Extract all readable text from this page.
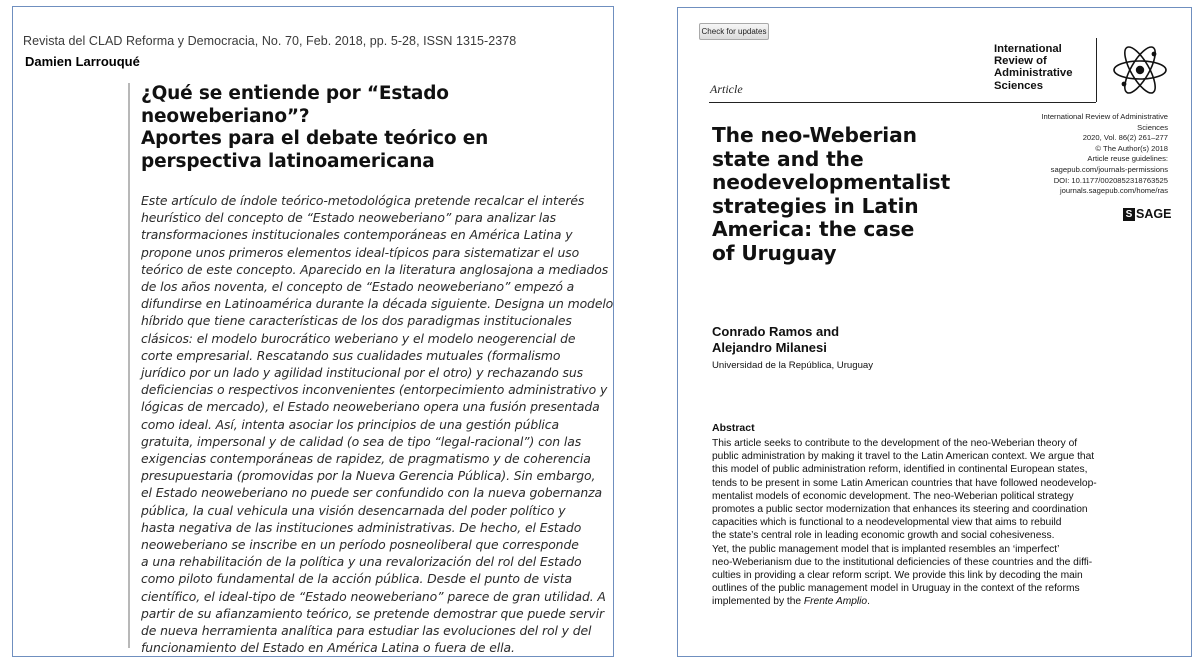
Revista del CLAD Reforma y Democracia, No. 70, Feb. 2018, pp. 5-28, ISSN 1315-2378
Damien Larrouqué
¿Qué se entiende por “Estado neoweberiano”?
Aportes para el debate teórico en
perspectiva latinoamericana
Este artículo de índole teórico-metodológica pretende recalcar el interés
heurístico del concepto de “Estado neoweberiano” para analizar las
transformaciones institucionales contemporáneas en América Latina y
propone unos primeros elementos ideal-típicos para sistematizar el uso
teórico de este concepto. Aparecido en la literatura anglosajona a mediados
de los años noventa, el concepto de “Estado neoweberiano” empezó a
difundirse en Latinoamérica durante la década siguiente. Designa un modelo
híbrido que tiene características de los dos paradigmas institucionales
clásicos: el modelo burocrático weberiano y el modelo neogerencial de
corte empresarial. Rescatando sus cualidades mutuales (formalismo
jurídico por un lado y agilidad institucional por el otro) y rechazando sus
deficiencias o respectivos inconvenientes (entorpecimiento administrativo y
lógicas de mercado), el Estado neoweberiano opera una fusión presentada
como ideal. Así, intenta asociar los principios de una gestión pública
gratuita, impersonal y de calidad (o sea de tipo “legal-racional”) con las
exigencias contemporáneas de rapidez, de pragmatismo y de coherencia
presupuestaria (promovidas por la Nueva Gerencia Pública). Sin embargo,
el Estado neoweberiano no puede ser confundido con la nueva gobernanza
pública, la cual vehicula una visión desencarnada del poder político y
hasta negativa de las instituciones administrativas. De hecho, el Estado
neoweberiano se inscribe en un período posneoliberal que corresponde
a una rehabilitación de la política y una revalorización del rol del Estado
como piloto fundamental de la acción pública. Desde el punto de vista
científico, el ideal-tipo de “Estado neoweberiano” parece de gran utilidad. A
partir de su afianzamiento teórico, se pretende demostrar que puede servir
de nueva herramienta analítica para estudiar las evoluciones del rol y del
funcionamiento del Estado en América Latina o fuera de ella.
Check for updates
Article
International
Review of
Administrative
Sciences
International Review of Administrative
Sciences
2020, Vol. 86(2) 261–277
© The Author(s) 2018
Article reuse guidelines:
sagepub.com/journals-permissions
DOI: 10.1177/0020852318763525
journals.sagepub.com/home/ras
S SAGE
The neo-Weberian
state and the
neodevelopmentalist
strategies in Latin
America: the case
of Uruguay
Conrado Ramos and
Alejandro Milanesi
Universidad de la República, Uruguay
Abstract
This article seeks to contribute to the development of the neo-Weberian theory of
public administration by making it travel to the Latin American context. We argue that
this model of public administration reform, identified in continental European states,
tends to be present in some Latin American countries that have followed neodevelop-
mentalist models of economic development. The neo-Weberian political strategy
promotes a public sector modernization that enhances its steering and coordination
capacities which is functional to a neodevelopmental view that aims to rebuild
the state’s central role in leading economic growth and social cohesiveness.
Yet, the public management model that is implanted resembles an ‘imperfect’
neo-Weberianism due to the institutional deficiencies of these countries and the diffi-
culties in providing a clear reform script. We provide this link by decoding the main
outlines of the public management model in Uruguay in the context of the reforms
implemented by the Frente Amplio.
